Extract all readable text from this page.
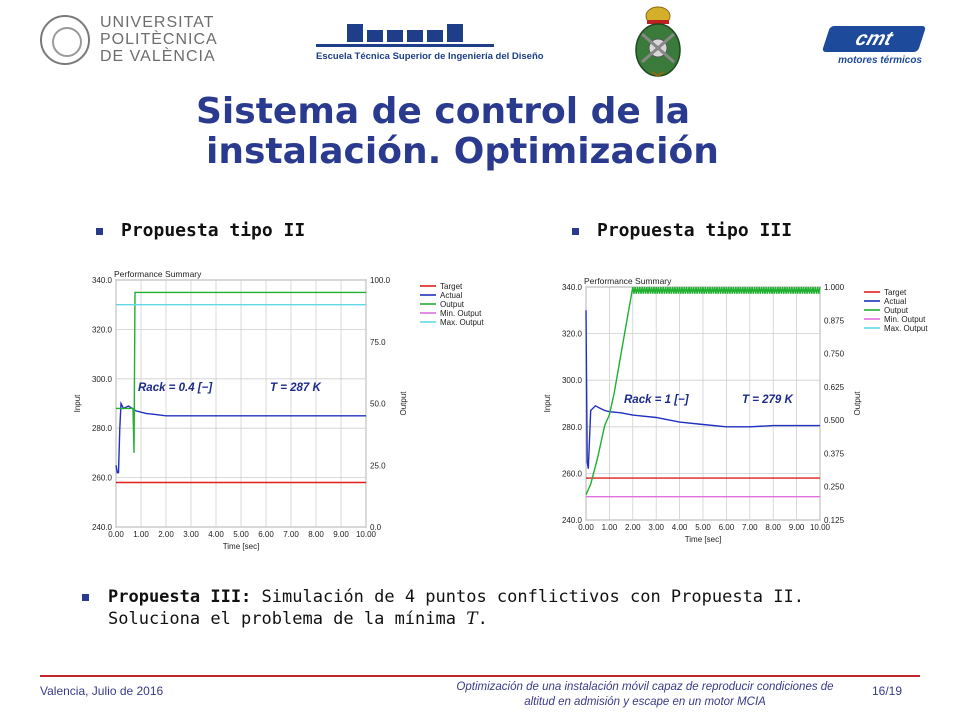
UNIVERSITAT
POLITÈCNICA
DE VALÈNCIA	Escuela Técnica Superior de Ingeniería del Diseño
cmt
motores térmicos
Sistema de control de la
instalación. Optimización
Propuesta tipo II	Propuesta tipo III
Performance Summary
0.00 1.00 2.00 3.00 4.00 5.00 6.00 7.00 8.00 9.00 10.00
240.0
260.0
280.0
300.0
320.0
340.0
0.0
25.0
50.0
75.0
100.0
Time [sec]
Input	Output
Target
Actual
Output
Min. Output
Max. Output
Rack = 0.4 [−]	T = 287 K
Performance Summary
0.00 1.00 2.00 3.00 4.00 5.00 6.00 7.00 8.00 9.00 10.00
240.0
260.0
280.0
300.0
320.0
340.0
0.125
0.250
0.375
0.500
0.625
0.750
0.875
1.000
Time [sec]
Input	Output
Target
Actual
Output
Min. Output
Max. Output
Rack = 1 [−]	T = 279 K
Propuesta III: Simulación de 4 puntos conflictivos con Propuesta II. Soluciona el problema de la mínima T.
Valencia, Julio de 2016	Optimización de una instalación móvil capaz de reproducir condiciones de
altitud en admisión y escape en un motor MCIA
16/19
